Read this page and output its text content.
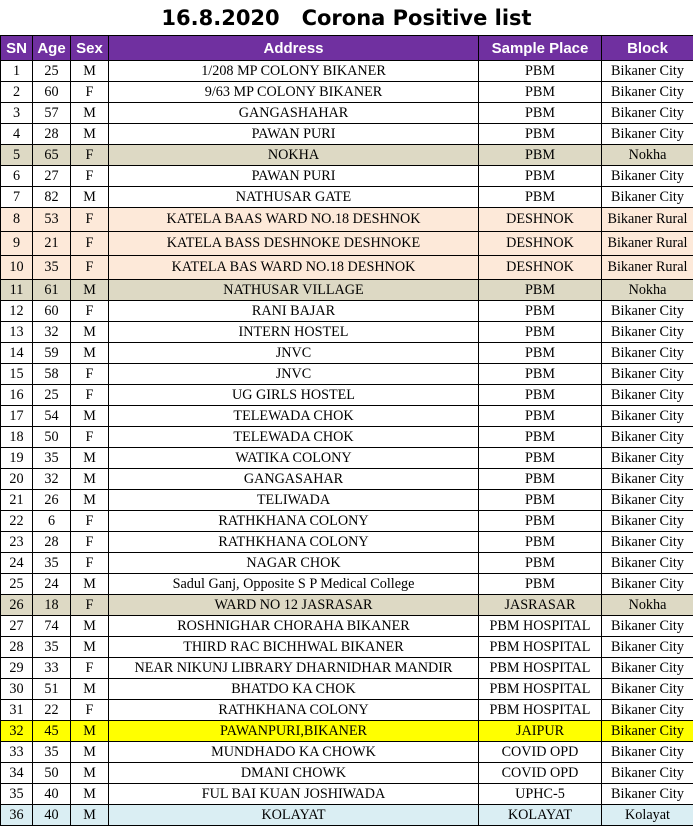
16.8.2020   Corona Positive list
SN	Age	Sex	Address	Sample Place	Block
1	25	M	1/208 MP COLONY BIKANER	PBM	Bikaner City
2	60	F	9/63 MP COLONY BIKANER	PBM	Bikaner City
3	57	M	GANGASHAHAR	PBM	Bikaner City
4	28	M	PAWAN PURI	PBM	Bikaner City
5	65	F	NOKHA	PBM	Nokha
6	27	F	PAWAN PURI	PBM	Bikaner City
7	82	M	NATHUSAR GATE	PBM	Bikaner City
8	53	F	KATELA BAAS WARD NO.18 DESHNOK	DESHNOK	Bikaner Rural
9	21	F	KATELA BASS DESHNOKE DESHNOKE	DESHNOK	Bikaner Rural
10	35	F	KATELA BAS WARD NO.18 DESHNOK	DESHNOK	Bikaner Rural
11	61	M	NATHUSAR VILLAGE	PBM	Nokha
12	60	F	RANI BAJAR	PBM	Bikaner City
13	32	M	INTERN HOSTEL	PBM	Bikaner City
14	59	M	JNVC	PBM	Bikaner City
15	58	F	JNVC	PBM	Bikaner City
16	25	F	UG GIRLS HOSTEL	PBM	Bikaner City
17	54	M	TELEWADA CHOK	PBM	Bikaner City
18	50	F	TELEWADA CHOK	PBM	Bikaner City
19	35	M	WATIKA COLONY	PBM	Bikaner City
20	32	M	GANGASAHAR	PBM	Bikaner City
21	26	M	TELIWADA	PBM	Bikaner City
22	6	F	RATHKHANA COLONY	PBM	Bikaner City
23	28	F	RATHKHANA COLONY	PBM	Bikaner City
24	35	F	NAGAR CHOK	PBM	Bikaner City
25	24	M	Sadul Ganj, Opposite S P Medical College	PBM	Bikaner City
26	18	F	WARD NO 12 JASRASAR	JASRASAR	Nokha
27	74	M	ROSHNIGHAR CHORAHA BIKANER	PBM HOSPITAL	Bikaner City
28	35	M	THIRD RAC BICHHWAL BIKANER	PBM HOSPITAL	Bikaner City
29	33	F	NEAR NIKUNJ LIBRARY DHARNIDHAR MANDIR	PBM HOSPITAL	Bikaner City
30	51	M	BHATDO KA CHOK	PBM HOSPITAL	Bikaner City
31	22	F	RATHKHANA COLONY	PBM HOSPITAL	Bikaner City
32	45	M	PAWANPURI,BIKANER	JAIPUR	Bikaner City
33	35	M	MUNDHADO KA CHOWK	COVID OPD	Bikaner City
34	50	M	DMANI CHOWK	COVID OPD	Bikaner City
35	40	M	FUL BAI KUAN JOSHIWADA	UPHC-5	Bikaner City
36	40	M	KOLAYAT	KOLAYAT	Kolayat
